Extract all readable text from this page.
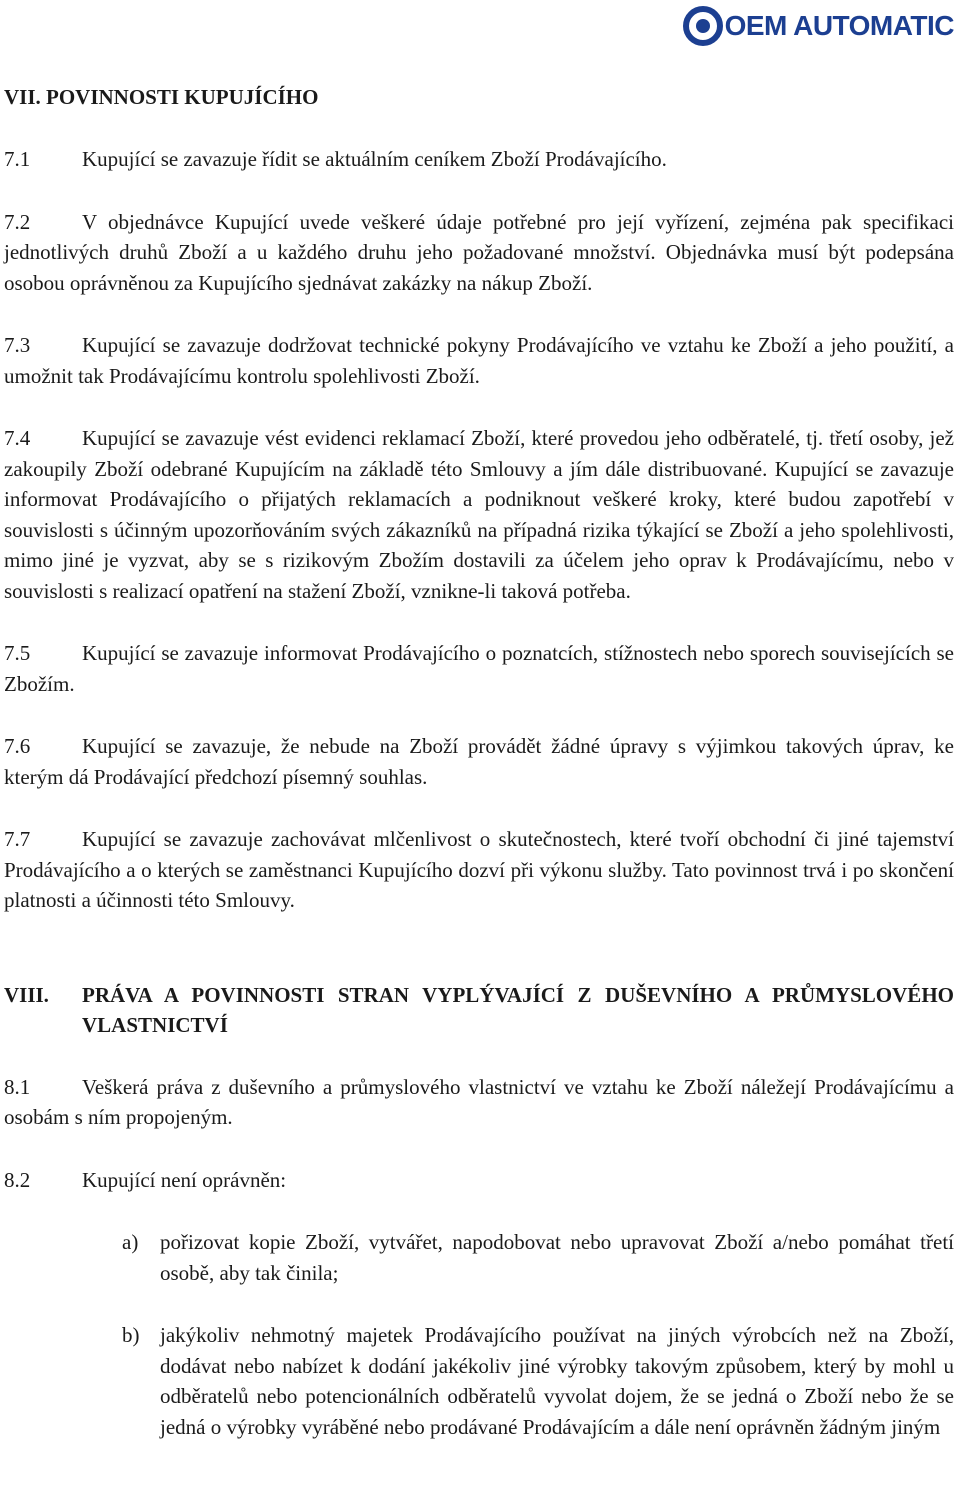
OEM AUTOMATIC
VII. POVINNOSTI KUPUJÍCÍHO

7.1 Kupující se zavazuje řídit se aktuálním ceníkem Zboží Prodávajícího.

7.2 V objednávce Kupující uvede veškeré údaje potřebné pro její vyřízení, zejména pak specifikaci jednotlivých druhů Zboží a u každého druhu jeho požadované množství. Objednávka musí být podepsána osobou oprávněnou za Kupujícího sjednávat zakázky na nákup Zboží.

7.3 Kupující se zavazuje dodržovat technické pokyny Prodávajícího ve vztahu ke Zboží a jeho použití, a umožnit tak Prodávajícímu kontrolu spolehlivosti Zboží.

7.4 Kupující se zavazuje vést evidenci reklamací Zboží, které provedou jeho odběratelé, tj. třetí osoby, jež zakoupily Zboží odebrané Kupujícím na základě této Smlouvy a jím dále distribuované. Kupující se zavazuje informovat Prodávajícího o přijatých reklamacích a podniknout veškeré kroky, které budou zapotřebí v souvislosti s účinným upozorňováním svých zákazníků na případná rizika týkající se Zboží a jeho spolehlivosti, mimo jiné je vyzvat, aby se s rizikovým Zbožím dostavili za účelem jeho oprav k Prodávajícímu, nebo v souvislosti s realizací opatření na stažení Zboží, vznikne-li taková potřeba.

7.5 Kupující se zavazuje informovat Prodávajícího o poznatcích, stížnostech nebo sporech souvisejících se Zbožím.

7.6 Kupující se zavazuje, že nebude na Zboží provádět žádné úpravy s výjimkou takových úprav, ke kterým dá Prodávající předchozí písemný souhlas.

7.7 Kupující se zavazuje zachovávat mlčenlivost o skutečnostech, které tvoří obchodní či jiné tajemství Prodávajícího a o kterých se zaměstnanci Kupujícího dozví při výkonu služby. Tato povinnost trvá i po skončení platnosti a účinnosti této Smlouvy.

VIII.	PRÁVA A POVINNOSTI STRAN VYPLÝVAJÍCÍ Z DUŠEVNÍHO A PRŮMYSLOVÉHO VLASTNICTVÍ

8.1 Veškerá práva z duševního a průmyslového vlastnictví ve vztahu ke Zboží náležejí Prodávajícímu a osobám s ním propojeným.

8.2 Kupující není oprávněn:

a)	pořizovat kopie Zboží, vytvářet, napodobovat nebo upravovat Zboží a/nebo pomáhat třetí osobě, aby tak činila;
b) jakýkoliv nehmotný majetek Prodávajícího používat na jiných výrobcích než na Zboží, dodávat nebo nabízet k dodání jakékoliv jiné výrobky takovým způsobem, který by mohl u odběratelů nebo potencionálních odběratelů vyvolat dojem, že se jedná o Zboží nebo že se jedná o výrobky vyráběné nebo prodávané Prodávajícím a dále není oprávněn žádným jiným
